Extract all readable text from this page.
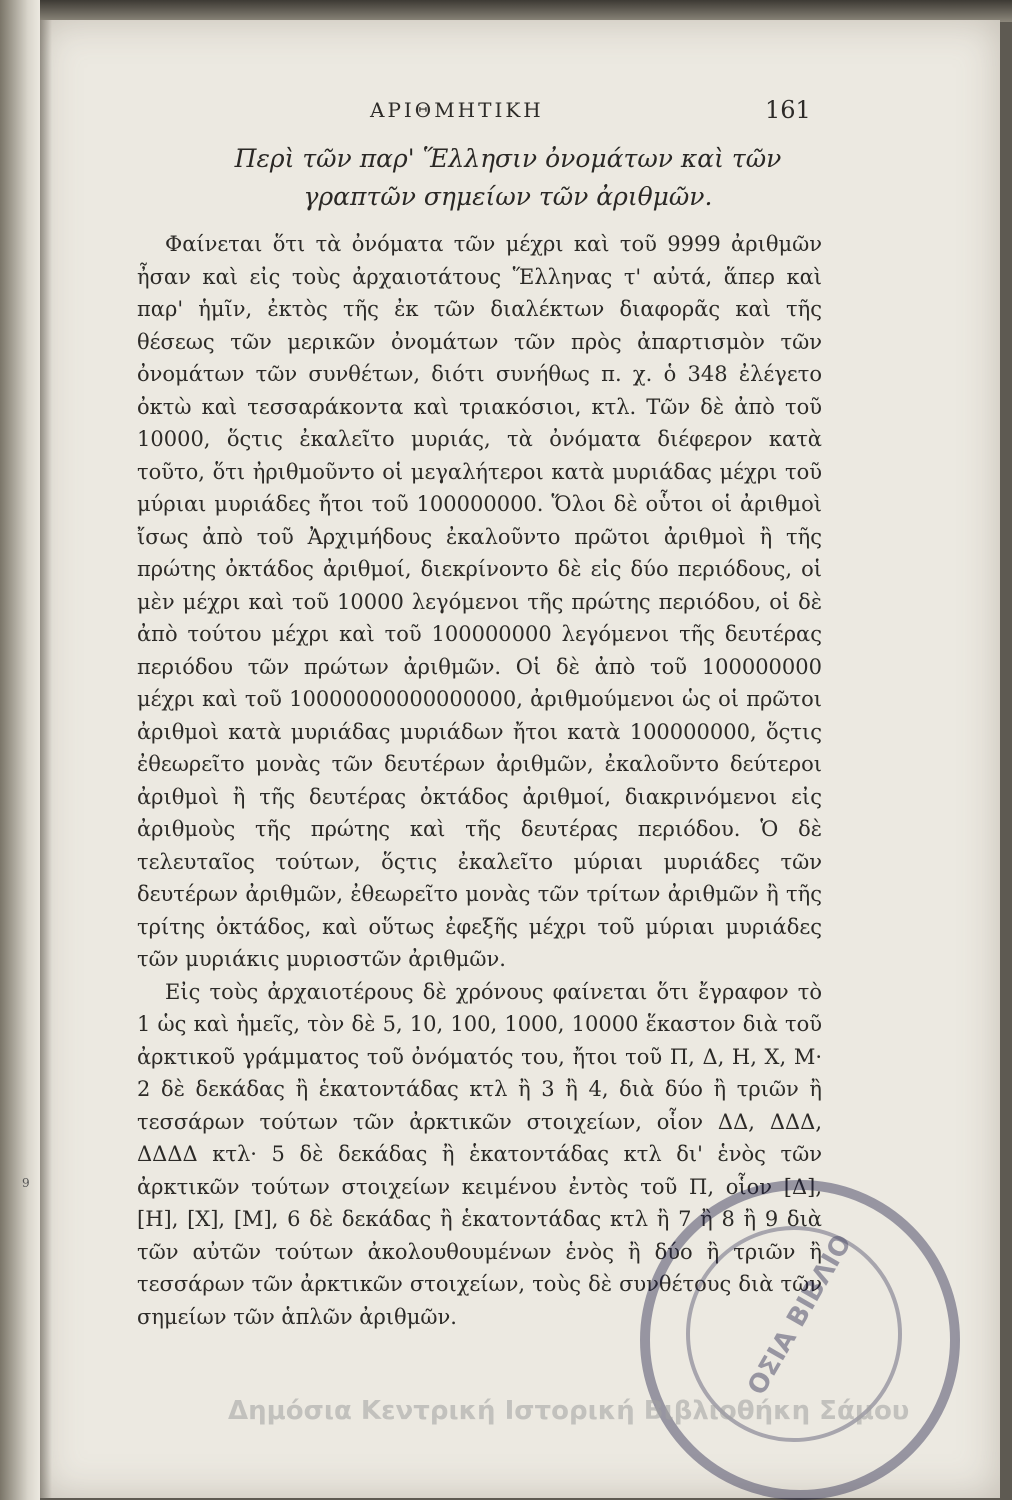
ΑΡΙΘΜΗΤΙΚΗ	161
Περὶ τῶν παρ' Ἕλλησιν ὀνομάτων καὶ τῶν
γραπτῶν σημείων τῶν ἀριθμῶν.

Φαίνεται ὅτι τὰ ὀνόματα τῶν μέχρι καὶ τοῦ 9999 ἀριθμῶν ἦσαν καὶ εἰς τοὺς ἀρχαιοτάτους Ἕλληνας τ' αὐτά, ἅπερ καὶ παρ' ἡμῖν, ἐκτὸς τῆς ἐκ τῶν διαλέκτων διαφορᾶς καὶ τῆς θέσεως τῶν μερικῶν ὀνομάτων τῶν πρὸς ἀπαρτισμὸν τῶν ὀνομάτων τῶν συνθέτων, διότι συνήθως π. χ. ὁ 348 ἐλέγετο ὀκτὼ καὶ τεσσαράκοντα καὶ τριακόσιοι, κτλ. Τῶν δὲ ἀπὸ τοῦ 10000, ὅςτις ἐκαλεῖτο μυριάς, τὰ ὀνόματα διέφερον κατὰ τοῦτο, ὅτι ἠριθμοῦντο οἱ μεγαλήτεροι κατὰ μυριάδας μέχρι τοῦ μύριαι μυριάδες ἤτοι τοῦ 100000000. Ὅλοι δὲ οὗτοι οἱ ἀριθμοὶ ἴσως ἀπὸ τοῦ Ἀρχιμήδους ἐκαλοῦντο πρῶτοι ἀριθμοὶ ἢ τῆς πρώτης ὀκτάδος ἀριθμοί, διεκρίνοντο δὲ εἰς δύο περιόδους, οἱ μὲν μέχρι καὶ τοῦ 10000 λεγόμενοι τῆς πρώτης περιόδου, οἱ δὲ ἀπὸ τούτου μέχρι καὶ τοῦ 100000000 λεγόμενοι τῆς δευτέρας περιόδου τῶν πρώτων ἀριθμῶν. Οἱ δὲ ἀπὸ τοῦ 100000000 μέχρι καὶ τοῦ 10000000000000000, ἀριθμούμενοι ὡς οἱ πρῶτοι ἀριθμοὶ κατὰ μυριάδας μυριάδων ἤτοι κατὰ 100000000, ὅςτις ἐθεωρεῖτο μονὰς τῶν δευτέρων ἀριθμῶν, ἐκαλοῦντο δεύτεροι ἀριθμοὶ ἢ τῆς δευτέρας ὀκτάδος ἀριθμοί, διακρινόμενοι εἰς ἀριθμοὺς τῆς πρώτης καὶ τῆς δευτέρας περιόδου. Ὁ δὲ τελευταῖος τούτων, ὅςτις ἐκαλεῖτο μύριαι μυριάδες τῶν δευτέρων ἀριθμῶν, ἐθεωρεῖτο μονὰς τῶν τρίτων ἀριθμῶν ἢ τῆς τρίτης ὀκτάδος, καὶ οὕτως ἐφεξῆς μέχρι τοῦ μύριαι μυριάδες τῶν μυριάκις μυριοστῶν ἀριθμῶν.

Εἰς τοὺς ἀρχαιοτέρους δὲ χρόνους φαίνεται ὅτι ἔγραφον τὸ 1 ὡς καὶ ἡμεῖς, τὸν δὲ 5, 10, 100, 1000, 10000 ἕκαστον διὰ τοῦ ἀρκτικοῦ γράμματος τοῦ ὀνόματός του, ἤτοι τοῦ Π, Δ, Η, Χ, Μ· 2 δὲ δεκάδας ἢ ἑκατοντάδας κτλ ἢ 3 ἢ 4, διὰ δύο ἢ τριῶν ἢ τεσσάρων τούτων τῶν ἀρκτικῶν στοιχείων, οἷον ΔΔ, ΔΔΔ, ΔΔΔΔ κτλ· 5 δὲ δεκάδας ἢ ἑκατοντάδας κτλ δι' ἑνὸς τῶν ἀρκτικῶν τούτων στοιχείων κειμένου ἐντὸς τοῦ Π, οἷον [Δ], [Η], [Χ], [Μ], 6 δὲ δεκάδας ἢ ἑκατοντάδας κτλ ἢ 7 ἢ 8 ἢ 9 διὰ τῶν αὐτῶν τούτων ἀκολουθουμένων ἑνὸς ἢ δύο ἢ τριῶν ἢ τεσσάρων τῶν ἀρκτικῶν στοιχείων, τοὺς δὲ συνθέτους διὰ τῶν σημείων τῶν ἁπλῶν ἀριθμῶν.	ΟΣΙΑ ΒΙΒΛΙΟ
Δημόσια Κεντρική Ιστορική Βιβλιοθήκη Σάμου
9
